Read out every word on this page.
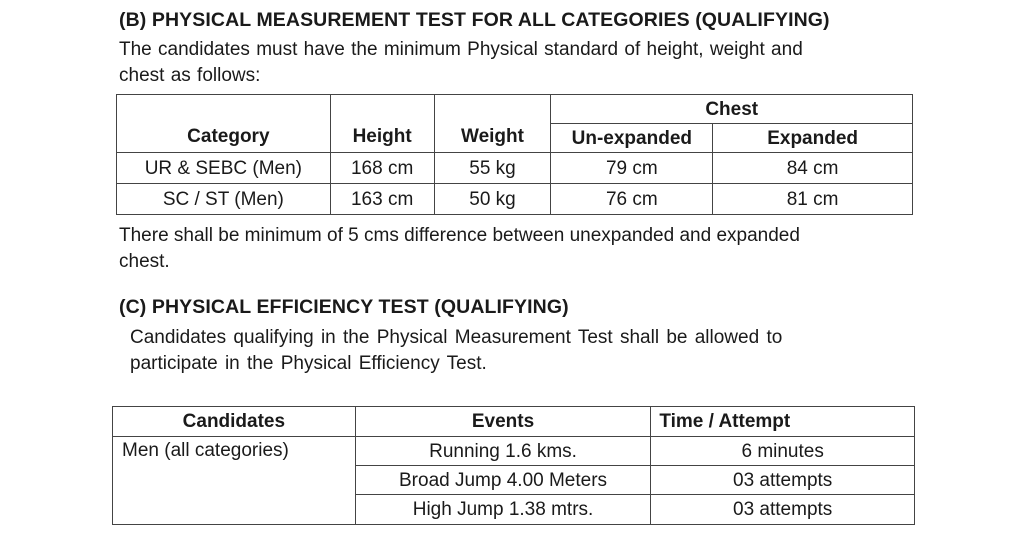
(B) PHYSICAL MEASUREMENT TEST FOR ALL CATEGORIES (QUALIFYING)
The candidates must have the minimum Physical standard of height, weight and
chest as follows:
Category	Height	Weight	Chest	
			Un-expanded	Expanded
UR & SEBC (Men)	168 cm	55 kg	79 cm	84 cm
SC / ST (Men)	163 cm	50 kg	76 cm	81 cm
There shall be minimum of 5 cms difference between unexpanded and expanded
chest.
(C) PHYSICAL EFFICIENCY TEST (QUALIFYING)
Candidates qualifying in the Physical Measurement Test shall be allowed to
participate in the Physical Efficiency Test.
Candidates	Events	Time / Attempt
Men (all categories)	Running 1.6 kms.	6 minutes
	Broad Jump 4.00 Meters	03 attempts
	High Jump 1.38 mtrs.	03 attempts
